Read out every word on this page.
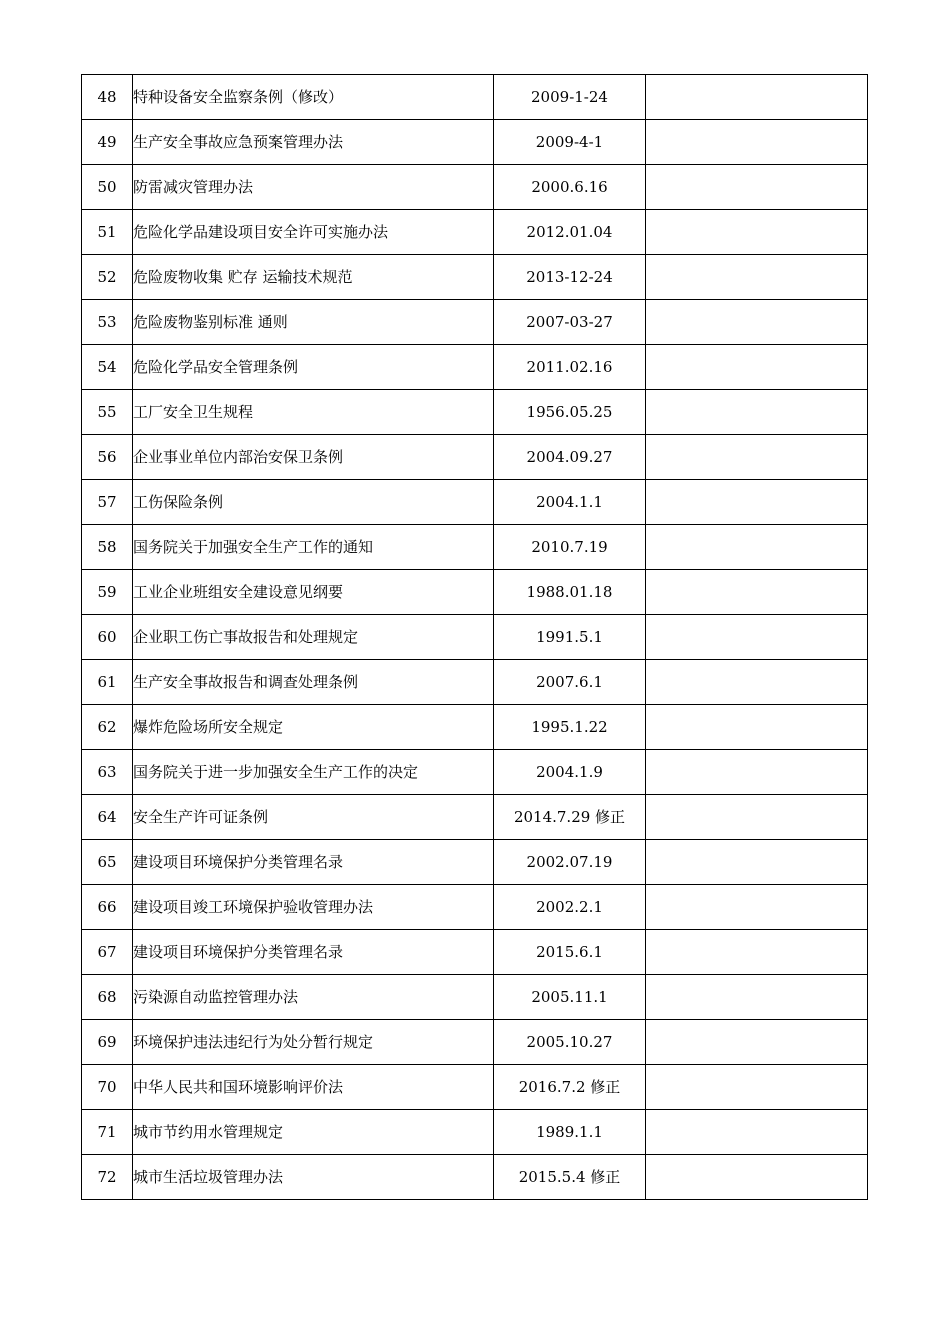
48	特种设备安全监察条例（修改）	2009-1-24	
49	生产安全事故应急预案管理办法	2009-4-1	
50	防雷减灾管理办法	2000.6.16	
51	危险化学品建设项目安全许可实施办法	2012.01.04	
52	危险废物收集 贮存 运输技术规范	2013-12-24	
53	危险废物鉴别标准 通则	2007-03-27	
54	危险化学品安全管理条例	2011.02.16	
55	工厂安全卫生规程	1956.05.25	
56	企业事业单位内部治安保卫条例	2004.09.27	
57	工伤保险条例	2004.1.1	
58	国务院关于加强安全生产工作的通知	2010.7.19	
59	工业企业班组安全建设意见纲要	1988.01.18	
60	企业职工伤亡事故报告和处理规定	1991.5.1	
61	生产安全事故报告和调查处理条例	2007.6.1	
62	爆炸危险场所安全规定	1995.1.22	
63	国务院关于进一步加强安全生产工作的决定	2004.1.9	
64	安全生产许可证条例	2014.7.29 修正	
65	建设项目环境保护分类管理名录	2002.07.19	
66	建设项目竣工环境保护验收管理办法	2002.2.1	
67	建设项目环境保护分类管理名录	2015.6.1	
68	污染源自动监控管理办法	2005.11.1	
69	环境保护违法违纪行为处分暂行规定	2005.10.27	
70	中华人民共和国环境影响评价法	2016.7.2 修正	
71	城市节约用水管理规定	1989.1.1	
72	城市生活垃圾管理办法	2015.5.4 修正	
